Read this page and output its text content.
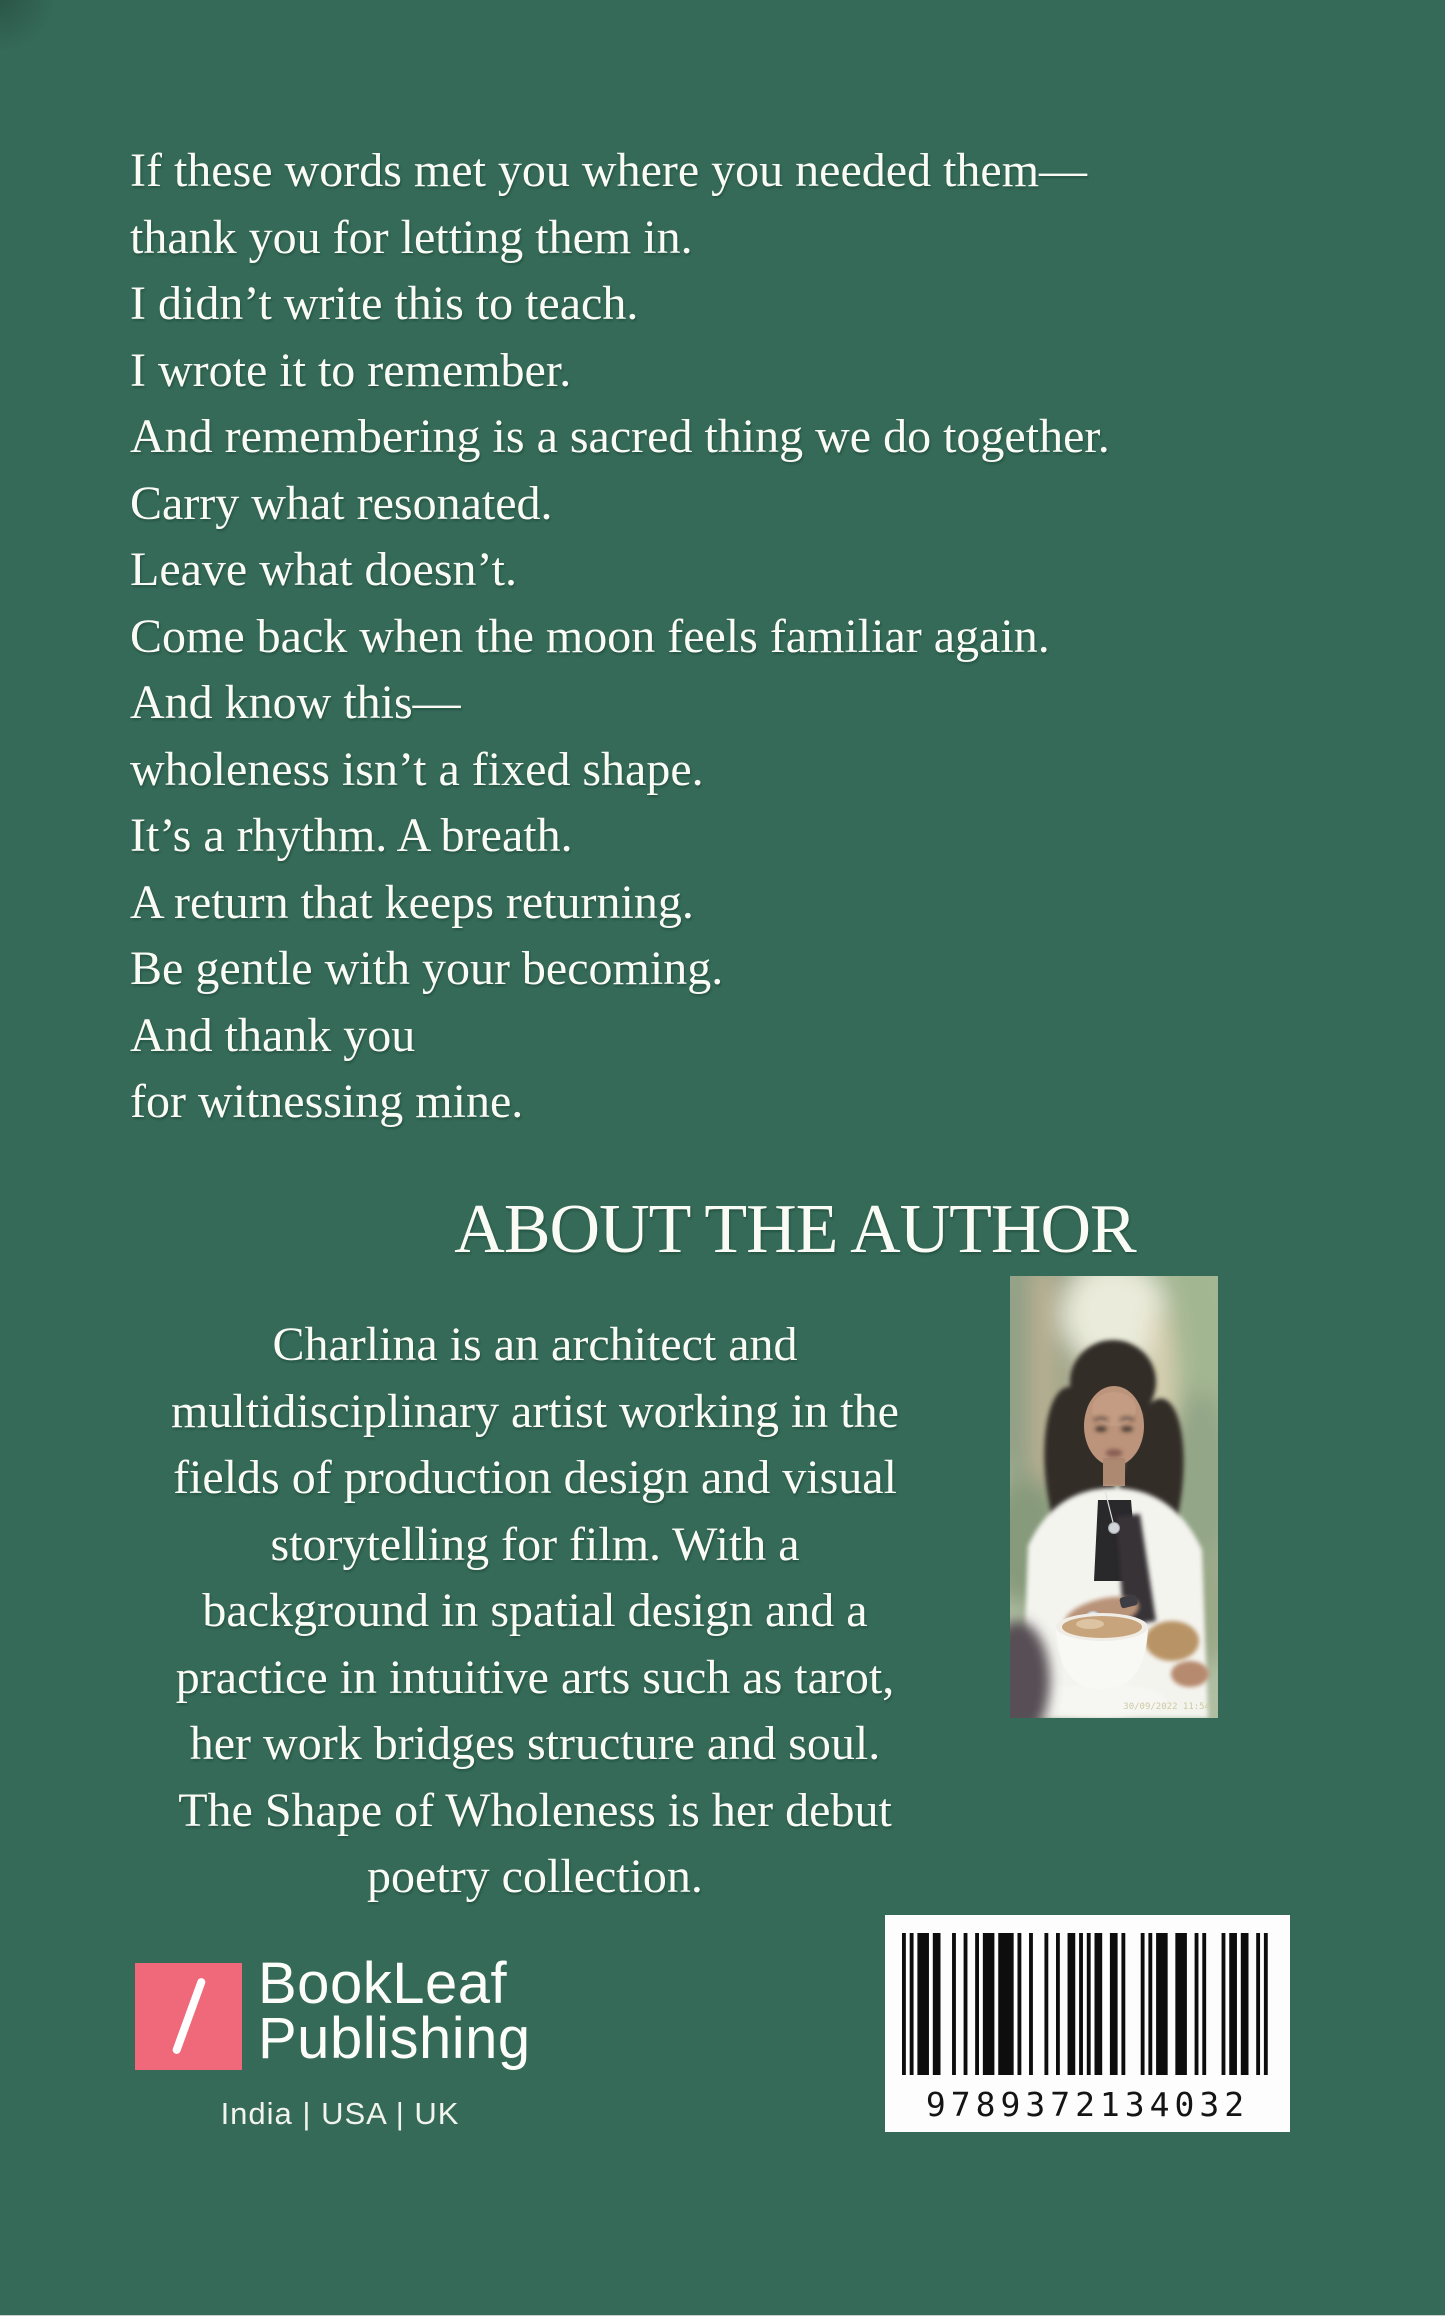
If these words met you where you needed them—
thank you for letting them in.
I didn’t write this to teach.
I wrote it to remember.
And remembering is a sacred thing we do together.
Carry what resonated.
Leave what doesn’t.
Come back when the moon feels familiar again.
And know this—
wholeness isn’t a fixed shape.
It’s a rhythm. A breath.
A return that keeps returning.
Be gentle with your becoming.
And thank you
for witnessing mine.
ABOUT THE AUTHOR
Charlina is an architect and
multidisciplinary artist working in the
fields of production design and visual
storytelling for film. With a
background in spatial design and a
practice in intuitive arts such as tarot,
her work bridges structure and soul.
The Shape of Wholeness is her debut
poetry collection.
30/09/2022 11:54
BookLeaf
Publishing
India | USA | UK	9789372134032
